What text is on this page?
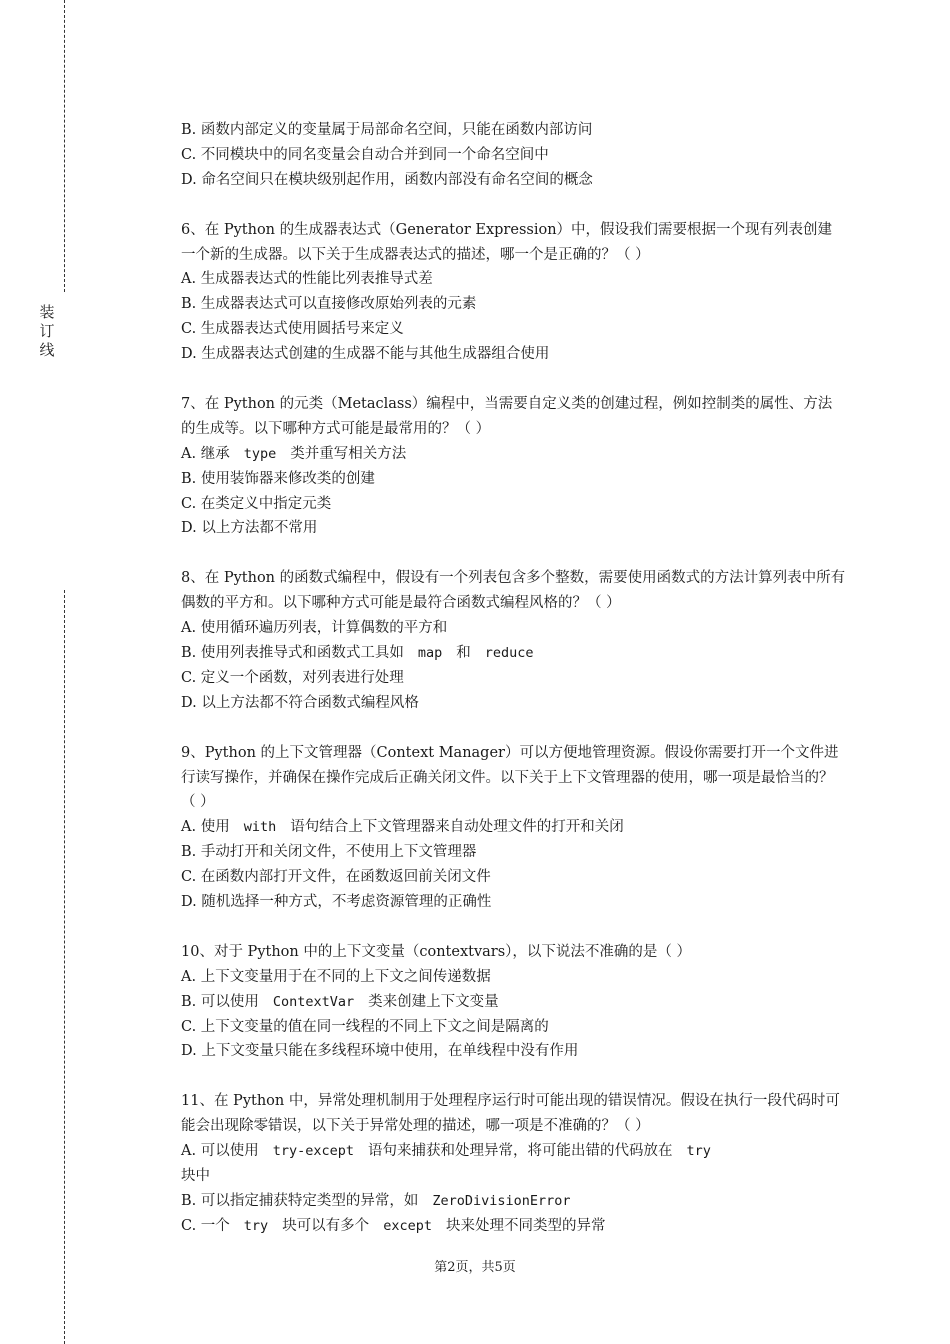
装
订
线
B. 函数内部定义的变量属于局部命名空间，只能在函数内部访问
C. 不同模块中的同名变量会自动合并到同一个命名空间中
D. 命名空间只在模块级别起作用，函数内部没有命名空间的概念
6、在 Python 的生成器表达式（Generator Expression）中，假设我们需要根据一个现有列表创建一个新的生成器。以下关于生成器表达式的描述，哪一个是正确的？（ ）
A. 生成器表达式的性能比列表推导式差
B. 生成器表达式可以直接修改原始列表的元素
C. 生成器表达式使用圆括号来定义
D. 生成器表达式创建的生成器不能与其他生成器组合使用
7、在 Python 的元类（Metaclass）编程中，当需要自定义类的创建过程，例如控制类的属性、方法的生成等。以下哪种方式可能是最常用的？（ ）
A. 继承 type 类并重写相关方法
B. 使用装饰器来修改类的创建
C. 在类定义中指定元类
D. 以上方法都不常用
8、在 Python 的函数式编程中，假设有一个列表包含多个整数，需要使用函数式的方法计算列表中所有偶数的平方和。以下哪种方式可能是最符合函数式编程风格的？（ ）
A. 使用循环遍历列表，计算偶数的平方和
B. 使用列表推导式和函数式工具如 map 和 reduce
C. 定义一个函数，对列表进行处理
D. 以上方法都不符合函数式编程风格
9、Python 的上下文管理器（Context Manager）可以方便地管理资源。假设你需要打开一个文件进行读写操作，并确保在操作完成后正确关闭文件。以下关于上下文管理器的使用，哪一项是最恰当的？（ ）
A. 使用 with 语句结合上下文管理器来自动处理文件的打开和关闭
B. 手动打开和关闭文件，不使用上下文管理器
C. 在函数内部打开文件，在函数返回前关闭文件
D. 随机选择一种方式，不考虑资源管理的正确性
10、对于 Python 中的上下文变量（contextvars），以下说法不准确的是（ ）
A. 上下文变量用于在不同的上下文之间传递数据
B. 可以使用 ContextVar 类来创建上下文变量
C. 上下文变量的值在同一线程的不同上下文之间是隔离的
D. 上下文变量只能在多线程环境中使用，在单线程中没有作用
11、在 Python 中，异常处理机制用于处理程序运行时可能出现的错误情况。假设在执行一段代码时可能会出现除零错误，以下关于异常处理的描述，哪一项是不准确的？（ ）
A. 可以使用 try-except 语句来捕获和处理异常，将可能出错的代码放在 try
块中
B. 可以指定捕获特定类型的异常，如 ZeroDivisionError
C. 一个 try 块可以有多个 except 块来处理不同类型的异常
第2页，共5页
